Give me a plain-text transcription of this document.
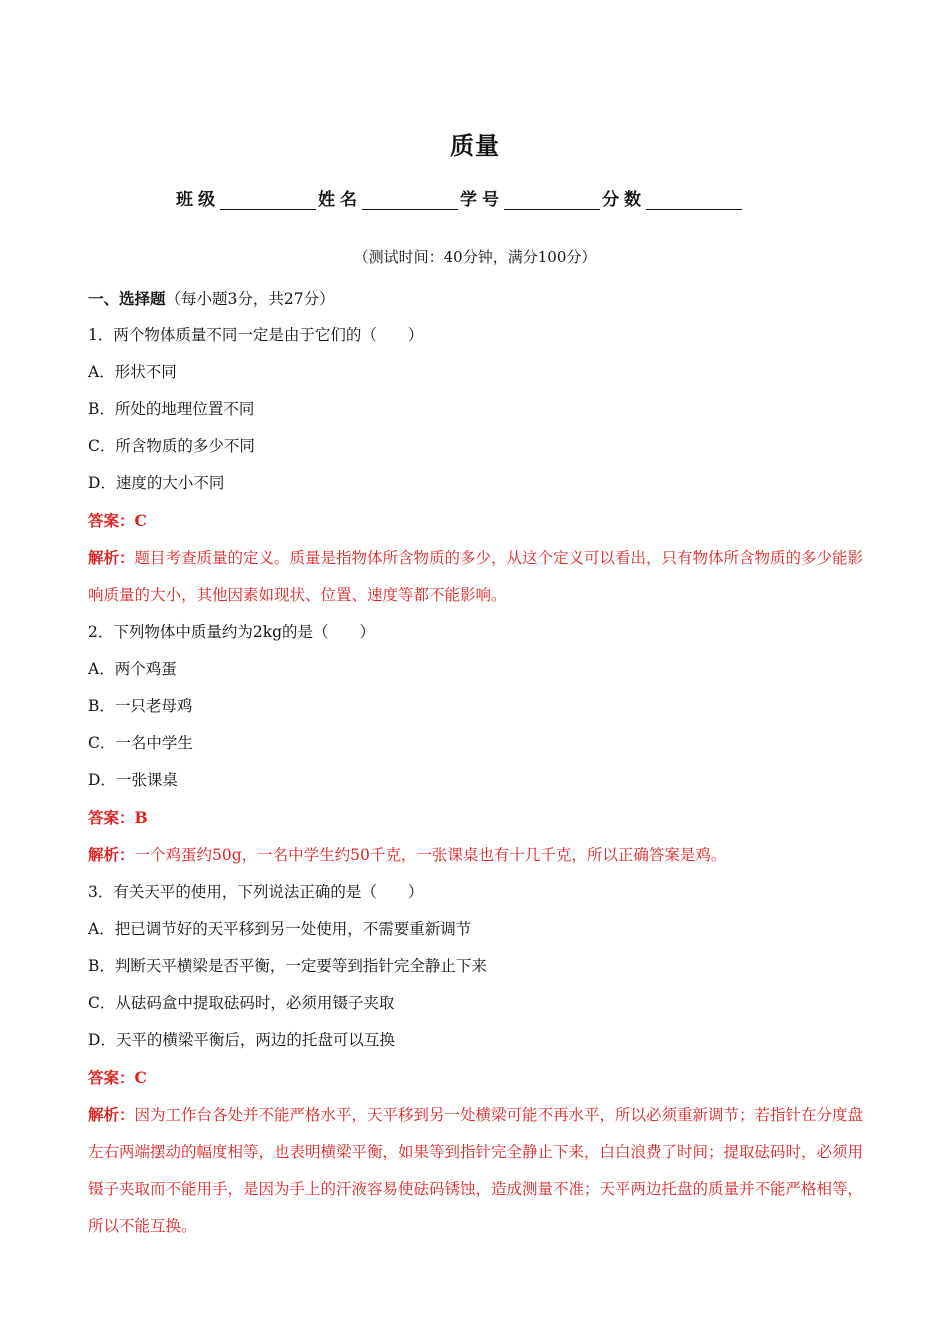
质量
班级	姓名	学号	分数
（测试时间：40分钟，满分100分）
一、选择题（每小题3分，共27分）
1．两个物体质量不同一定是由于它们的（　　）
A．形状不同
B．所处的地理位置不同
C．所含物质的多少不同
D．速度的大小不同
答案：C
解析：题目考查质量的定义。质量是指物体所含物质的多少，从这个定义可以看出，只有物体所含物质的多少能影响质量的大小，其他因素如现状、位置、速度等都不能影响。
2．下列物体中质量约为2kg的是（　　）
A．两个鸡蛋
B．一只老母鸡
C．一名中学生
D．一张课桌
答案：B
解析：一个鸡蛋约50g，一名中学生约50千克，一张课桌也有十几千克，所以正确答案是鸡。
3．有关天平的使用，下列说法正确的是（　　）
A．把已调节好的天平移到另一处使用，不需要重新调节
B．判断天平横梁是否平衡，一定要等到指针完全静止下来
C．从砝码盒中提取砝码时，必须用镊子夹取
D．天平的横梁平衡后，两边的托盘可以互换
答案：C
解析：因为工作台各处并不能严格水平，天平移到另一处横梁可能不再水平，所以必须重新调节；若指针在分度盘左右两端摆动的幅度相等，也表明横梁平衡，如果等到指针完全静止下来，白白浪费了时间；提取砝码时，必须用镊子夹取而不能用手，是因为手上的汗液容易使砝码锈蚀，造成测量不准；天平两边托盘的质量并不能严格相等，所以不能互换。
